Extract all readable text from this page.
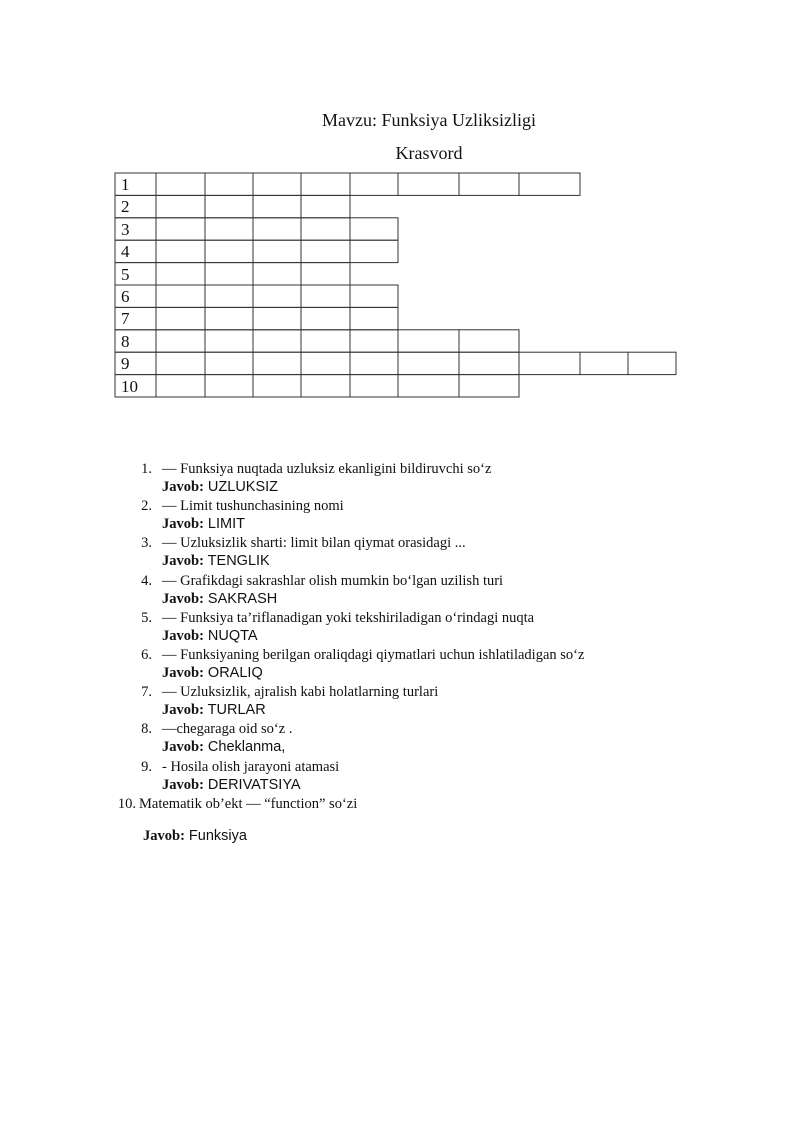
Mavzu: Funksiya Uzliksizligi
Krasvord
1
2
3
4
5
6
7
8
9
10
1. — Funksiya nuqtada uzluksiz ekanligini bildiruvchi so‘z
Javob: UZLUKSIZ
2. — Limit tushunchasining nomi
Javob: LIMIT
3. — Uzluksizlik sharti: limit bilan qiymat orasidagi ...
Javob: TENGLIK
4. — Grafikdagi sakrashlar olish mumkin bo‘lgan uzilish turi
Javob: SAKRASH
5. — Funksiya ta’riflanadigan yoki tekshiriladigan o‘rindagi nuqta
Javob: NUQTA
6. — Funksiyaning berilgan oraliqdagi qiymatlari uchun ishlatiladigan so‘z
Javob: ORALIQ
7. — Uzluksizlik, ajralish kabi holatlarning turlari
Javob: TURLAR
8. —chegaraga oid so‘z .
Javob: Cheklanma,
9. - Hosila olish jarayoni atamasi
Javob: DERIVATSIYA
10. Matematik ob’ekt — “function” so‘zi
Javob: Funksiya
